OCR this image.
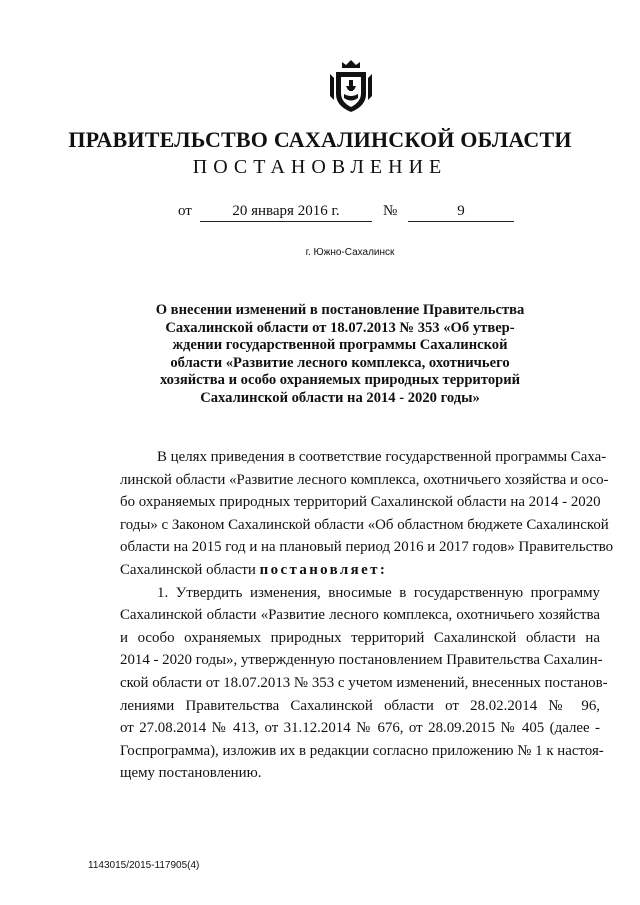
ПРАВИТЕЛЬСТВО САХАЛИНСКОЙ ОБЛАСТИ
ПОСТАНОВЛЕНИЕ
от	20 января 2016 г.	№	9
г. Южно-Сахалинск
О внесении изменений в постановление Правительства
Сахалинской области от 18.07.2013 № 353 «Об утвер-
ждении государственной программы Сахалинской
области «Развитие лесного комплекса, охотничьего
хозяйства и особо охраняемых природных территорий
Сахалинской области на 2014 - 2020 годы»
В целях приведения в соответствие государственной программы Саха-
линской области «Развитие лесного комплекса, охотничьего хозяйства и осо-
бо охраняемых природных территорий Сахалинской области на 2014 - 2020
годы» с Законом Сахалинской области «Об областном бюджете Сахалинской
области на 2015 год и на плановый период 2016 и 2017 годов» Правительство
Сахалинской области постановляет:
1. Утвердить изменения, вносимые в государственную программу
Сахалинской области «Развитие лесного комплекса, охотничьего хозяйства
и особо охраняемых природных территорий Сахалинской области на
2014 - 2020 годы», утвержденную постановлением Правительства Сахалин-
ской области от 18.07.2013 № 353 с учетом изменений, внесенных постанов-
лениями Правительства Сахалинской области от 28.02.2014 № 96,
от 27.08.2014 № 413, от 31.12.2014 № 676, от 28.09.2015 № 405 (далее -
Госпрограмма), изложив их в редакции согласно приложению № 1 к настоя-
щему постановлению.
1143015/2015-117905(4)
